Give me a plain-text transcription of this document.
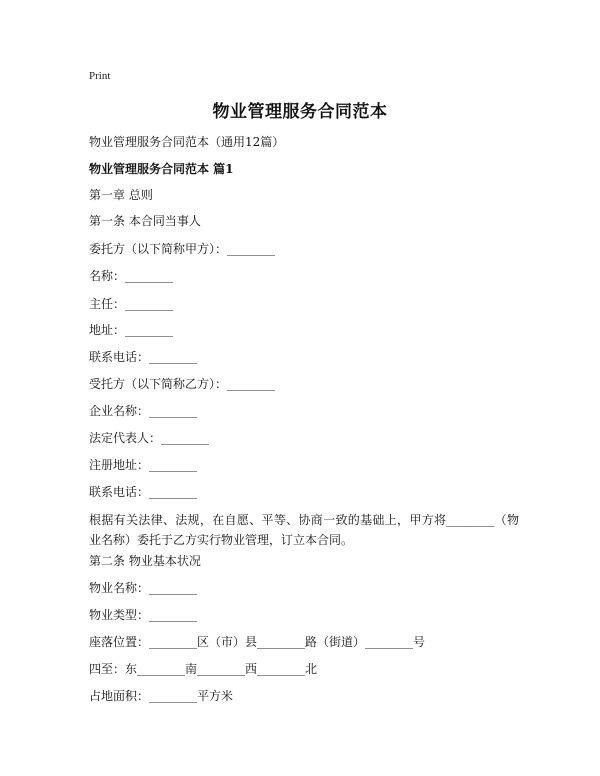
Print
物业管理服务合同范本
物业管理服务合同范本（通用12篇）
物业管理服务合同范本 篇1
第一章 总则
第一条 本合同当事人
委托方（以下简称甲方）：________
名称：________
主任：________
地址：________
联系电话：________
受托方（以下简称乙方）：________
企业名称：________
法定代表人：________
注册地址：________
联系电话：________
根据有关法律、法规，在自愿、平等、协商一致的基础上，甲方将________（物业名称）委托于乙方实行物业管理，订立本合同。
第二条 物业基本状况
物业名称：________
物业类型：________
座落位置：________区（市）县________路（街道）________号
四至：东________南________西________北
占地面积：________平方米
